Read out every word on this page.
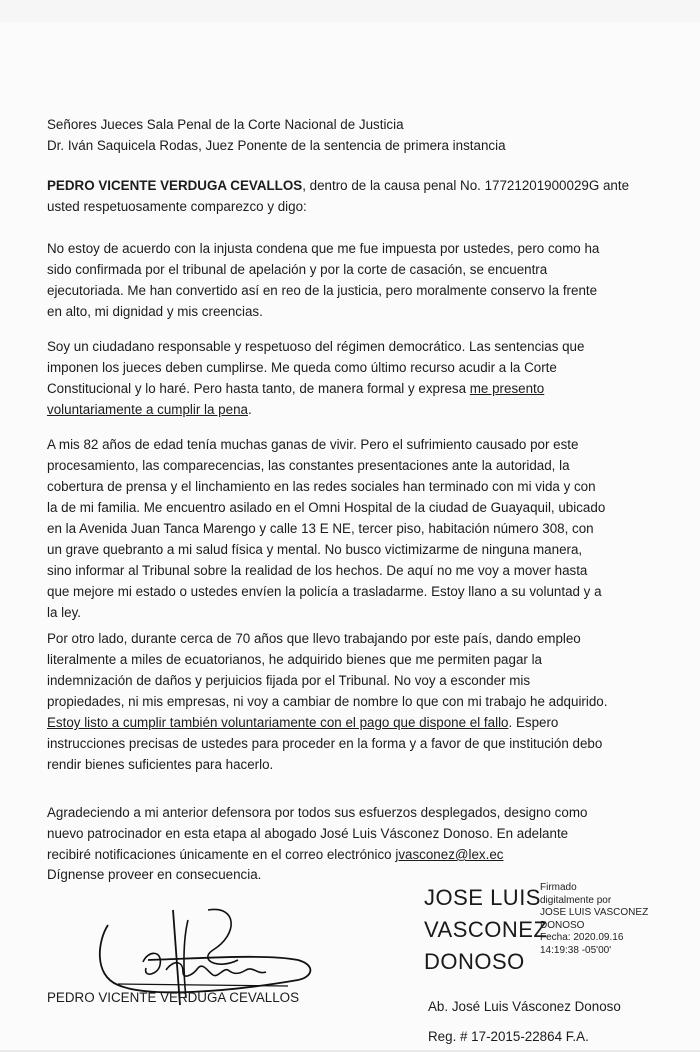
Señores Jueces Sala Penal de la Corte Nacional de Justicia
Dr. Iván Saquicela Rodas, Juez Ponente de la sentencia de primera instancia
PEDRO VICENTE VERDUGA CEVALLOS, dentro de la causa penal No. 17721201900029G ante
usted respetuosamente comparezco y digo:
No estoy de acuerdo con la injusta condena que me fue impuesta por ustedes, pero como ha
sido confirmada por el tribunal de apelación y por la corte de casación, se encuentra
ejecutoriada. Me han convertido así en reo de la justicia, pero moralmente conservo la frente
en alto, mi dignidad y mis creencias.
Soy un ciudadano responsable y respetuoso del régimen democrático. Las sentencias que
imponen los jueces deben cumplirse. Me queda como último recurso acudir a la Corte
Constitucional y lo haré. Pero hasta tanto, de manera formal y expresa me presento
voluntariamente a cumplir la pena.
A mis 82 años de edad tenía muchas ganas de vivir. Pero el sufrimiento causado por este
procesamiento, las comparecencias, las constantes presentaciones ante la autoridad, la
cobertura de prensa y el linchamiento en las redes sociales han terminado con mi vida y con
la de mi familia. Me encuentro asilado en el Omni Hospital de la ciudad de Guayaquil, ubicado
en la Avenida Juan Tanca Marengo y calle 13 E NE, tercer piso, habitación número 308, con
un grave quebranto a mi salud física y mental. No busco victimizarme de ninguna manera,
sino informar al Tribunal sobre la realidad de los hechos. De aquí no me voy a mover hasta
que mejore mi estado o ustedes envíen la policía a trasladarme. Estoy llano a su voluntad y a
la ley.
Por otro lado, durante cerca de 70 años que llevo trabajando por este país, dando empleo
literalmente a miles de ecuatorianos, he adquirido bienes que me permiten pagar la
indemnización de daños y perjuicios fijada por el Tribunal. No voy a esconder mis
propiedades, ni mis empresas, ni voy a cambiar de nombre lo que con mi trabajo he adquirido.
Estoy listo a cumplir también voluntariamente con el pago que dispone el fallo. Espero
instrucciones precisas de ustedes para proceder en la forma y a favor de que institución debo
rendir bienes suficientes para hacerlo.
Agradeciendo a mi anterior defensora por todos sus esfuerzos desplegados, designo como
nuevo patrocinador en esta etapa al abogado José Luis Vásconez Donoso. En adelante
recibiré notificaciones únicamente en el correo electrónico jvasconez@lex.ec
Dígnense proveer en consecuencia.
PEDRO VICENTE VERDUGA CEVALLOS
JOSE LUIS
VASCONEZ
DONOSO
Firmado
digitalmente por
JOSE LUIS VASCONEZ
DONOSO
Fecha: 2020.09.16
14:19:38 -05'00'
Ab. José Luis Vásconez Donoso
Reg. # 17-2015-22864 F.A.
